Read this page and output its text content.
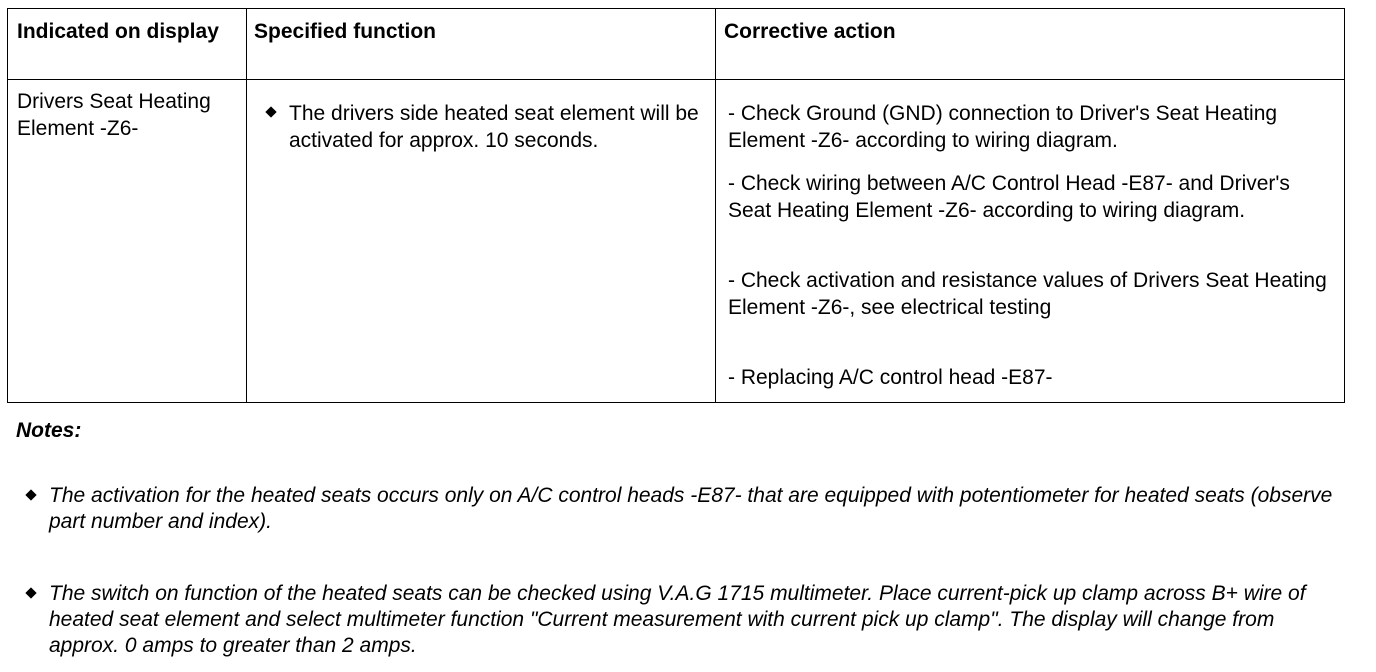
Indicated on display	Specified function	Corrective action
Drivers Seat Heating Element -Z6-
The drivers side heated seat element will be activated for approx. 10 seconds.
- Check Ground (GND) connection to Driver's Seat Heating Element -Z6- according to wiring diagram.
- Check wiring between A/C Control Head -E87- and Driver's Seat Heating Element -Z6- according to wiring diagram.
- Check activation and resistance values of Drivers Seat Heating Element -Z6-, see electrical testing
- Replacing A/C control head -E87-
Notes:
The activation for the heated seats occurs only on A/C control heads -E87- that are equipped with potentiometer for heated seats (observe part number and index).
The switch on function of the heated seats can be checked using V.A.G 1715 multimeter. Place current-pick up clamp across B+ wire of heated seat element and select multimeter function "Current measurement with current pick up clamp". The display will change from approx. 0 amps to greater than 2 amps.
